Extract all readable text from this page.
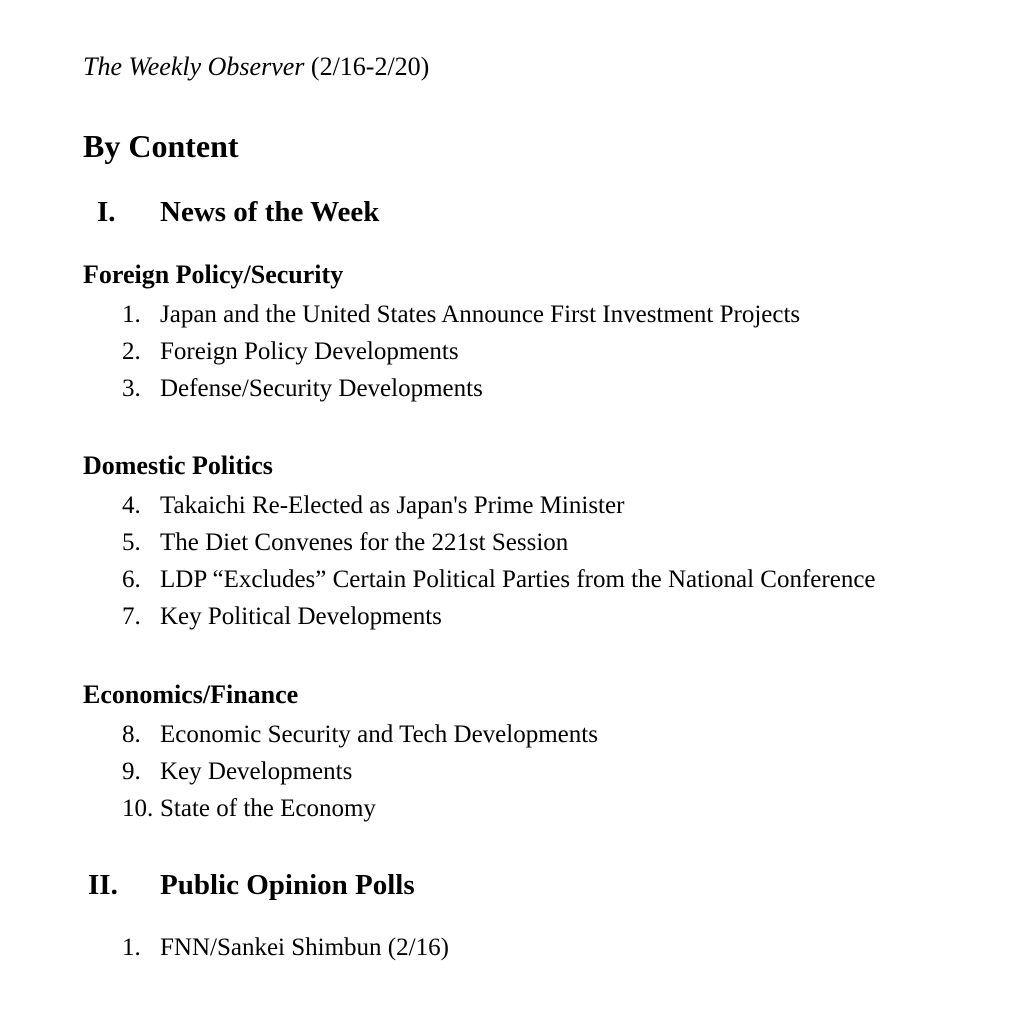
The Weekly Observer (2/16-2/20)
By Content
I. News of the Week
Foreign Policy/Security
1. Japan and the United States Announce First Investment Projects
2. Foreign Policy Developments
3. Defense/Security Developments
Domestic Politics
4. Takaichi Re-Elected as Japan's Prime Minister
5. The Diet Convenes for the 221st Session
6. LDP “Excludes” Certain Political Parties from the National Conference
7. Key Political Developments
Economics/Finance
8. Economic Security and Tech Developments
9. Key Developments
10. State of the Economy
II. Public Opinion Polls
1. FNN/Sankei Shimbun (2/16)
